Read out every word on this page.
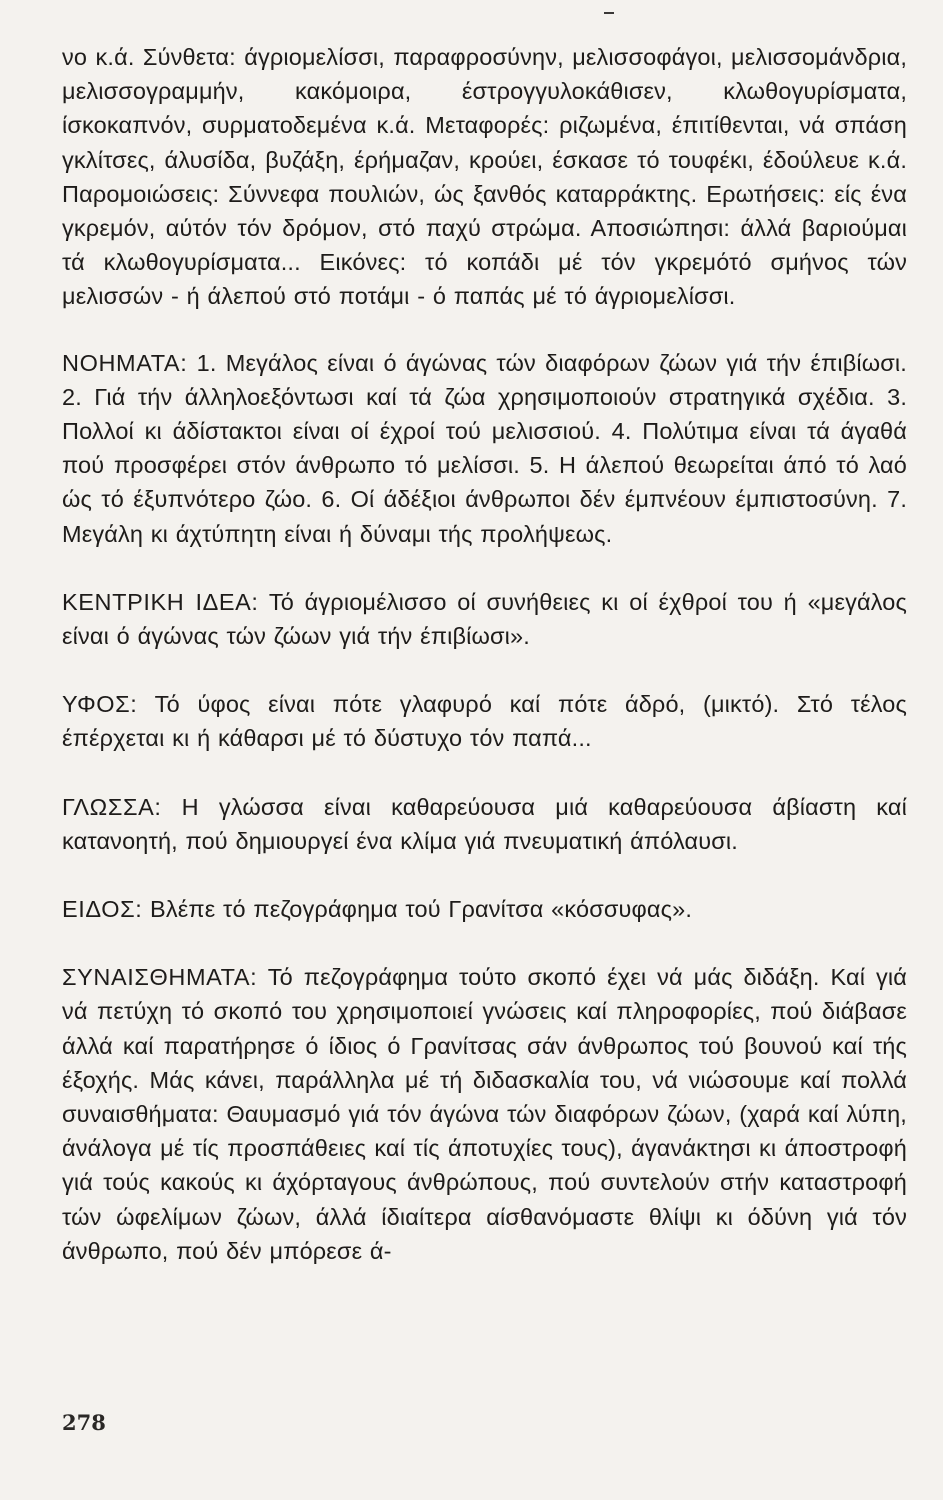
νο κ.ά. Σύνθετα: άγριομελίσσι, παραφροσύνην, μελισσοφάγοι, μελισσομάνδρια, μελισσογραμμήν, κακόμοιρα, έστρογγυλοκάθισεν, κλωθογυρίσματα, ίσκοκαπνόν, συρματοδεμένα κ.ά. Μεταφορές: ριζωμένα, έπιτίθενται, νά σπάση γκλίτσες, άλυσίδα, βυζάξη, έρήμαζαν, κρούει, έσκασε τό τουφέκι, έδούλευε κ.ά. Παρομοιώσεις: Σύννεφα πουλιών, ώς ξανθός καταρράκτης. Ερωτήσεις: είς ένα γκρεμόν, αύτόν τόν δρόμον, στό παχύ στρώμα. Αποσιώπησι: άλλά βαριούμαι τά κλωθογυρίσματα... Εικόνες: τό κοπάδι μέ τόν γκρεμότό σμήνος τών μελισσών - ή άλεπού στό ποτάμι - ό παπάς μέ τό άγριομελίσσι.

ΝΟΗΜΑΤΑ: 1. Μεγάλος είναι ό άγώνας τών διαφόρων ζώων γιά τήν έπιβίωσι. 2. Γιά τήν άλληλοεξόντωσι καί τά ζώα χρησιμοποιούν στρατηγικά σχέδια. 3. Πολλοί κι άδίστακτοι είναι οί έχροί τού μελισσιού. 4. Πολύτιμα είναι τά άγαθά πού προσφέρει στόν άνθρωπο τό μελίσσι. 5. Η άλεπού θεωρείται άπό τό λαό ώς τό έξυπνότερο ζώο. 6. Οί άδέξιοι άνθρωποι δέν έμπνέουν έμπιστοσύνη. 7. Μεγάλη κι άχτύπητη είναι ή δύναμι τής προλήψεως.

ΚΕΝΤΡΙΚΗ ΙΔΕΑ: Τό άγριομέλισσο οί συνήθειες κι οί έχθροί του ή «μεγάλος είναι ό άγώνας τών ζώων γιά τήν έπιβίωσι».

ΥΦΟΣ: Τό ύφος είναι πότε γλαφυρό καί πότε άδρό, (μικτό). Στό τέλος έπέρχεται κι ή κάθαρσι μέ τό δύστυχο τόν παπά...

ΓΛΩΣΣΑ: Η γλώσσα είναι καθαρεύουσα μιά καθαρεύουσα άβίαστη καί κατανοητή, πού δημιουργεί ένα κλίμα γιά πνευματική άπόλαυσι.

ΕΙΔΟΣ: Βλέπε τό πεζογράφημα τού Γρανίτσα «κόσσυφας».

ΣΥΝΑΙΣΘΗΜΑΤΑ: Τό πεζογράφημα τούτο σκοπό έχει νά μάς διδάξη. Καί γιά νά πετύχη τό σκοπό του χρησιμοποιεί γνώσεις καί πληροφορίες, πού διάβασε άλλά καί παρατήρησε ό ίδιος ό Γρανίτσας σάν άνθρωπος τού βουνού καί τής έξοχής. Μάς κάνει, παράλληλα μέ τή διδασκαλία του, νά νιώσουμε καί πολλά συναισθήματα: Θαυμασμό γιά τόν άγώνα τών διαφόρων ζώων, (χαρά καί λύπη, άνάλογα μέ τίς προσπάθειες καί τίς άποτυχίες τους), άγανάκτησι κι άποστροφή γιά τούς κακούς κι άχόρταγους άνθρώπους, πού συντελούν στήν καταστροφή τών ώφελίμων ζώων, άλλά ίδιαίτερα αίσθανόμαστε θλίψι κι όδύνη γιά τόν άνθρωπο, πού δέν μπόρεσε ά-

278
